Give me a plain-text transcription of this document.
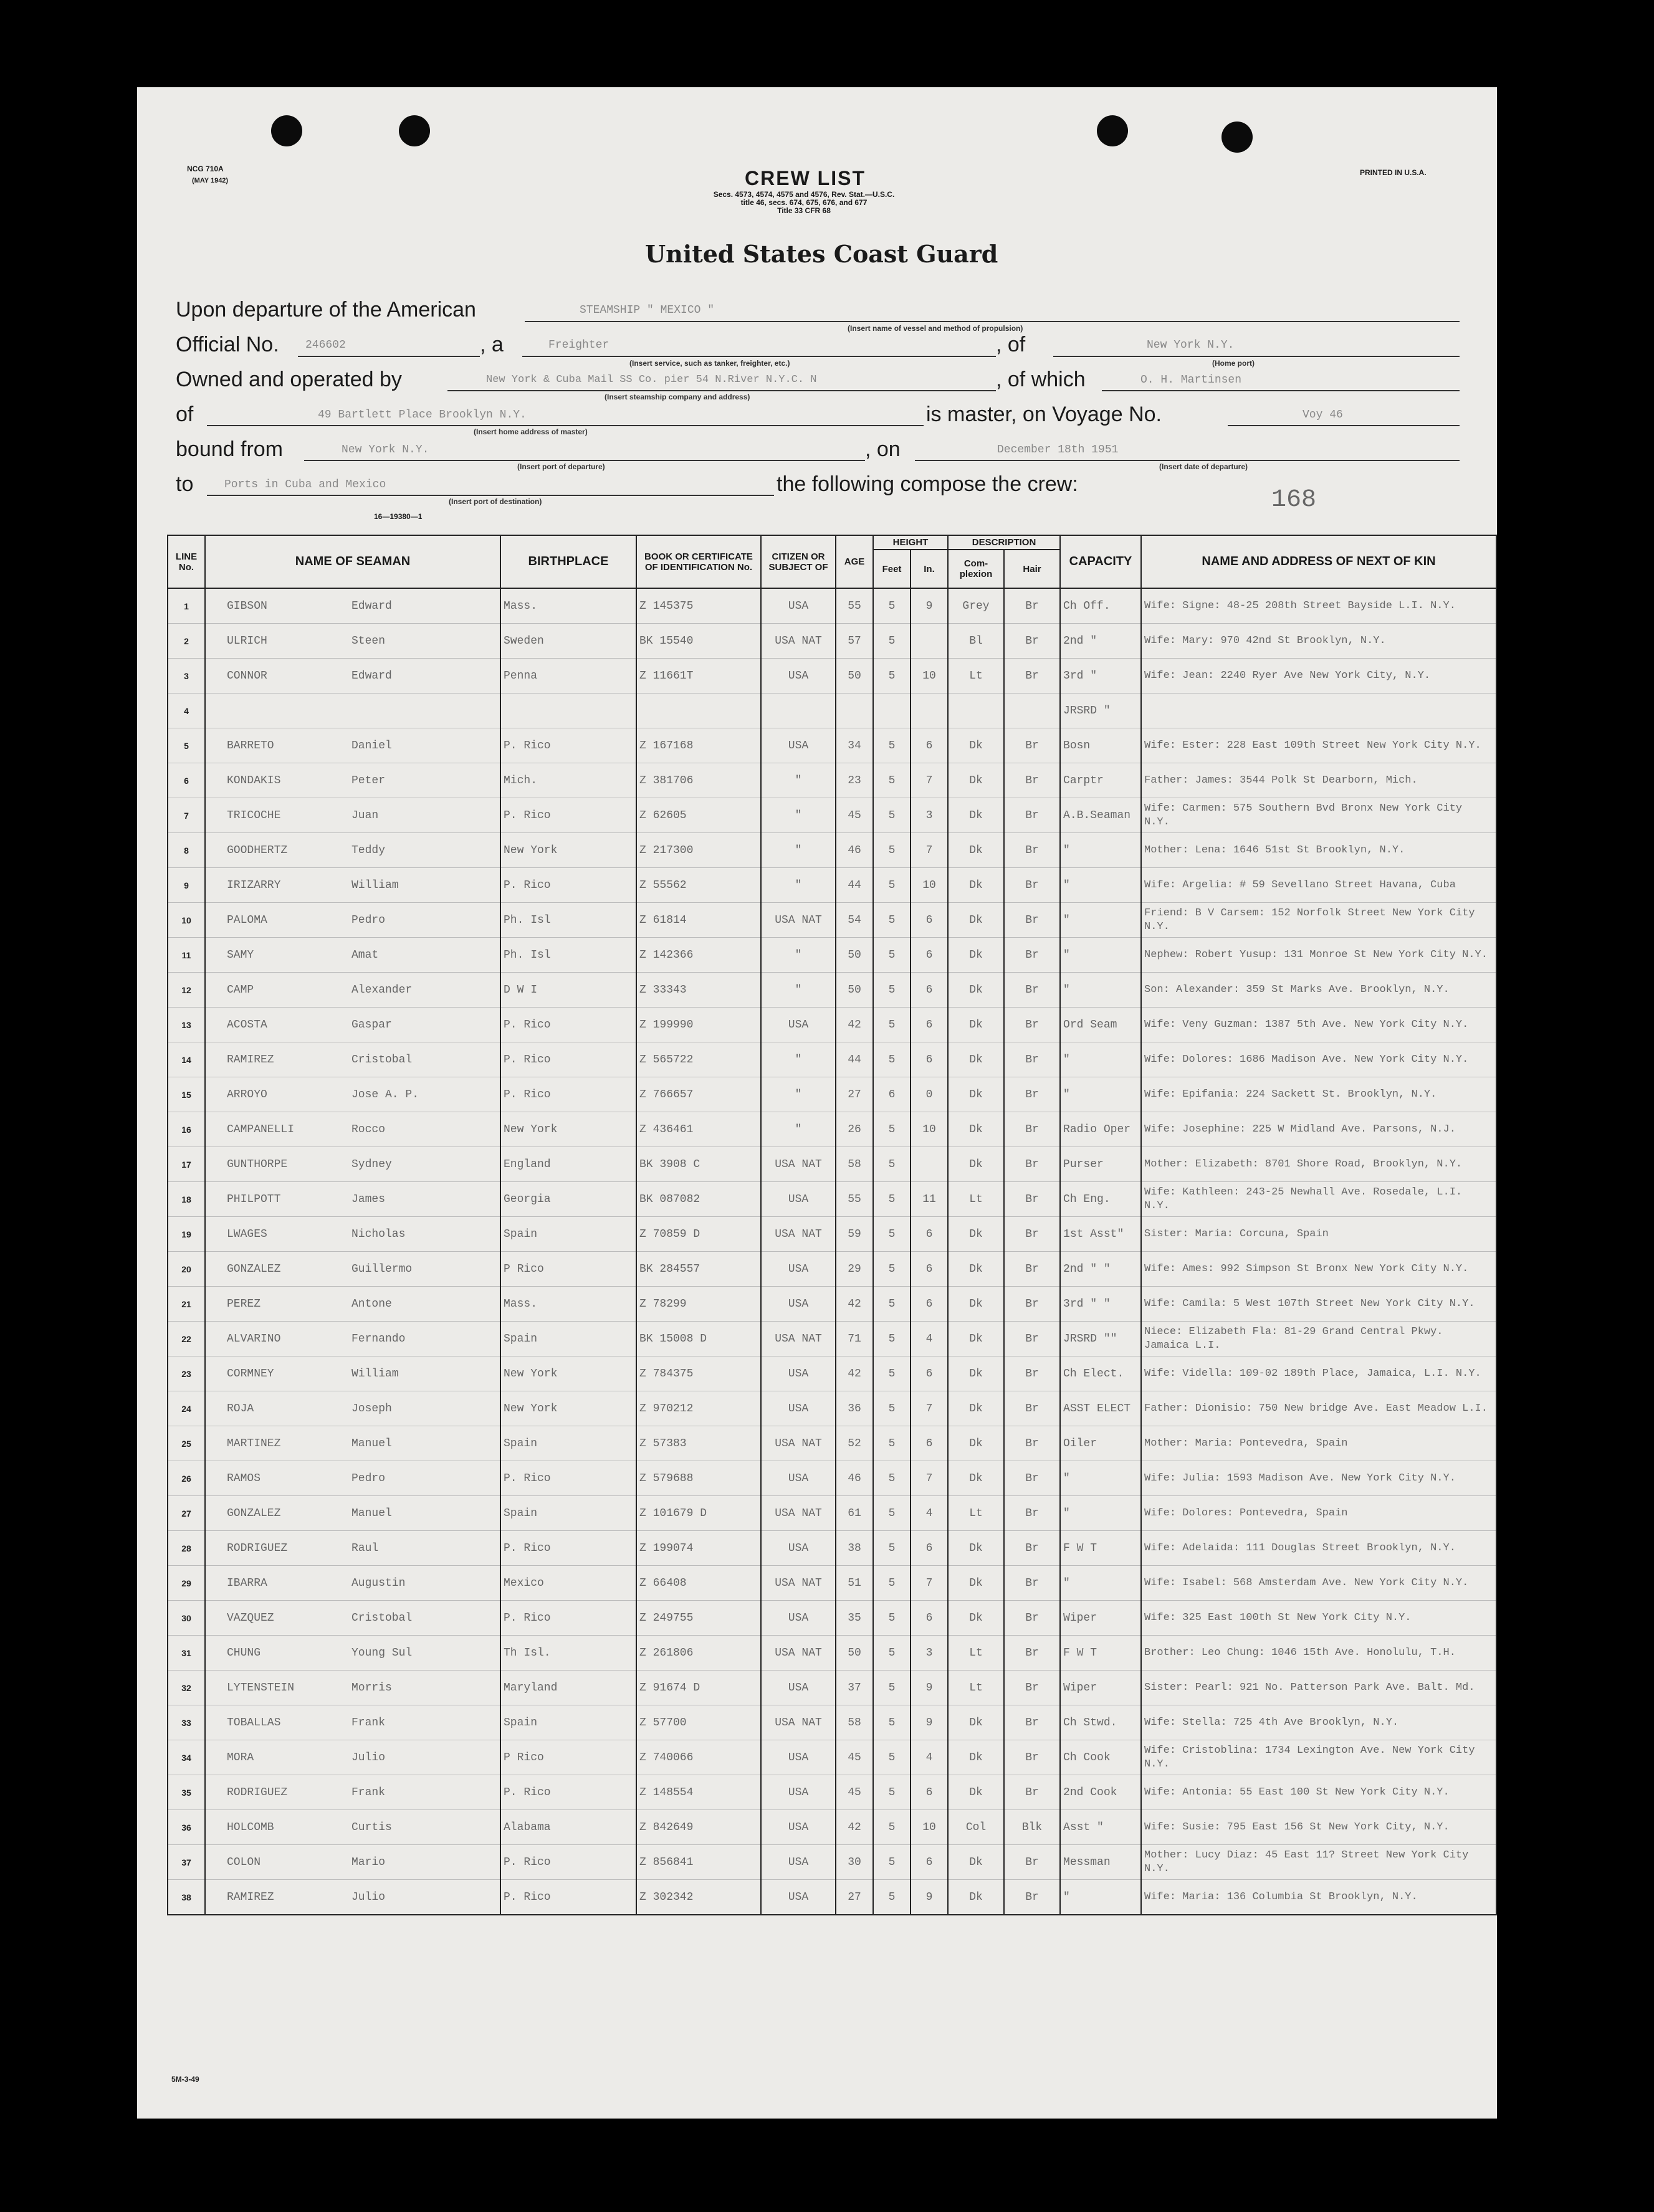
NCG 710A
(MAY 1942)
PRINTED IN U.S.A.
CREW LIST
Secs. 4573, 4574, 4575 and 4576, Rev. Stat.—U.S.C.
title 46, secs. 674, 675, 676, and 677
Title 33 CFR 68
United States Coast Guard
Upon departure of the American	STEAMSHIP " MEXICO "
(Insert name of vessel and method of propulsion)
Official No. 246602	, a	Freighter
(Insert service, such as tanker, freighter, etc.)
, of	New York N.Y.
(Home port)
Owned and operated by	New York & Cuba Mail SS Co. pier 54 N.River N.Y.C. N
(Insert steamship company and address)
, of which	O. H. Martinsen
of	49 Bartlett Place Brooklyn N.Y.
(Insert home address of master)
is master, on Voyage No.	Voy 46
bound from	New York N.Y.
(Insert port of departure)
, on	December 18th 1951
(Insert date of departure)
to	Ports in Cuba and Mexico
(Insert port of destination)
the following compose the crew:
168
16—19380—1
LINE No.	NAME OF SEAMAN	BIRTHPLACE	BOOK OR CERTIFICATE OF IDENTIFICATION No.	CITIZEN OR SUBJECT OF	AGE	HEIGHT		DESCRIPTION		CAPACITY	NAME AND ADDRESS OF NEXT OF KIN
						Feet	In.	Com-plexion	Hair		
1	GIBSON Edward	Mass.	Z 145375	USA	55	5	9	Grey	Br	Ch Off.	Wife: Signe: 48-25 208th Street Bayside L.I. N.Y.
2	ULRICH Steen	Sweden	BK 15540	USA NAT	57	5		Bl	Br	2nd "	Wife: Mary: 970 42nd St Brooklyn, N.Y.
3	CONNOR Edward	Penna	Z 11661T	USA	50	5	10	Lt	Br	3rd "	Wife: Jean: 2240 Ryer Ave New York City, N.Y.
4										JRSRD "	
5	BARRETO Daniel	P. Rico	Z 167168	USA	34	5	6	Dk	Br	Bosn	Wife: Ester: 228 East 109th Street New York City N.Y.
6	KONDAKIS Peter	Mich.	Z 381706	"	23	5	7	Dk	Br	Carptr	Father: James: 3544 Polk St Dearborn, Mich.
7	TRICOCHE Juan	P. Rico	Z 62605	"	45	5	3	Dk	Br	A.B.Seaman	Wife: Carmen: 575 Southern Bvd Bronx New York City N.Y.
8	GOODHERTZ Teddy	New York	Z 217300	"	46	5	7	Dk	Br	"	Mother: Lena: 1646 51st St Brooklyn, N.Y.
9	IRIZARRY William	P. Rico	Z 55562	"	44	5	10	Dk	Br	"	Wife: Argelia: # 59 Sevellano Street Havana, Cuba
10	PALOMA Pedro	Ph. Isl	Z 61814	USA NAT	54	5	6	Dk	Br	"	Friend: B V Carsem: 152 Norfolk Street New York City N.Y.
11	SAMY Amat	Ph. Isl	Z 142366	"	50	5	6	Dk	Br	"	Nephew: Robert Yusup: 131 Monroe St New York City N.Y.
12	CAMP Alexander	D W I	Z 33343	"	50	5	6	Dk	Br	"	Son: Alexander: 359 St Marks Ave. Brooklyn, N.Y.
13	ACOSTA Gaspar	P. Rico	Z 199990	USA	42	5	6	Dk	Br	Ord Seam	Wife: Veny Guzman: 1387 5th Ave. New York City N.Y.
14	RAMIREZ Cristobal	P. Rico	Z 565722	"	44	5	6	Dk	Br	"	Wife: Dolores: 1686 Madison Ave. New York City N.Y.
15	ARROYO Jose A. P.	P. Rico	Z 766657	"	27	6	0	Dk	Br	"	Wife: Epifania: 224 Sackett St. Brooklyn, N.Y.
16	CAMPANELLI Rocco	New York	Z 436461	"	26	5	10	Dk	Br	Radio Oper	Wife: Josephine: 225 W Midland Ave. Parsons, N.J.
17	GUNTHORPE Sydney	England	BK 3908 C	USA NAT	58	5		Dk	Br	Purser	Mother: Elizabeth: 8701 Shore Road, Brooklyn, N.Y.
18	PHILPOTT James	Georgia	BK 087082	USA	55	5	11	Lt	Br	Ch Eng.	Wife: Kathleen: 243-25 Newhall Ave. Rosedale, L.I. N.Y.
19	LWAGES Nicholas	Spain	Z 70859 D	USA NAT	59	5	6	Dk	Br	1st Asst"	Sister: Maria: Corcuna, Spain
20	GONZALEZ Guillermo	P Rico	BK 284557	USA	29	5	6	Dk	Br	2nd " "	Wife: Ames: 992 Simpson St Bronx New York City N.Y.
21	PEREZ Antone	Mass.	Z 78299	USA	42	5	6	Dk	Br	3rd " "	Wife: Camila: 5 West 107th Street New York City N.Y.
22	ALVARINO Fernando	Spain	BK 15008 D	USA NAT	71	5	4	Dk	Br	JRSRD ""	Niece: Elizabeth Fla: 81-29 Grand Central Pkwy. Jamaica L.I.
23	CORMNEY William	New York	Z 784375	USA	42	5	6	Dk	Br	Ch Elect.	Wife: Vidella: 109-02 189th Place, Jamaica, L.I. N.Y.
24	ROJA Joseph	New York	Z 970212	USA	36	5	7	Dk	Br	ASST ELECT	Father: Dionisio: 750 New bridge Ave. East Meadow L.I.
25	MARTINEZ Manuel	Spain	Z 57383	USA NAT	52	5	6	Dk	Br	Oiler	Mother: Maria: Pontevedra, Spain
26	RAMOS Pedro	P. Rico	Z 579688	USA	46	5	7	Dk	Br	"	Wife: Julia: 1593 Madison Ave. New York City N.Y.
27	GONZALEZ Manuel	Spain	Z 101679 D	USA NAT	61	5	4	Lt	Br	"	Wife: Dolores: Pontevedra, Spain
28	RODRIGUEZ Raul	P. Rico	Z 199074	USA	38	5	6	Dk	Br	F W T	Wife: Adelaida: 111 Douglas Street Brooklyn, N.Y.
29	IBARRA Augustin	Mexico	Z 66408	USA NAT	51	5	7	Dk	Br	"	Wife: Isabel: 568 Amsterdam Ave. New York City N.Y.
30	VAZQUEZ Cristobal	P. Rico	Z 249755	USA	35	5	6	Dk	Br	Wiper	Wife: 325 East 100th St New York City N.Y.
31	CHUNG Young Sul	Th Isl.	Z 261806	USA NAT	50	5	3	Lt	Br	F W T	Brother: Leo Chung: 1046 15th Ave. Honolulu, T.H.
32	LYTENSTEIN Morris	Maryland	Z 91674 D	USA	37	5	9	Lt	Br	Wiper	Sister: Pearl: 921 No. Patterson Park Ave. Balt. Md.
33	TOBALLAS Frank	Spain	Z 57700	USA NAT	58	5	9	Dk	Br	Ch Stwd.	Wife: Stella: 725 4th Ave Brooklyn, N.Y.
34	MORA Julio	P Rico	Z 740066	USA	45	5	4	Dk	Br	Ch Cook	Wife: Cristoblina: 1734 Lexington Ave. New York City N.Y.
35	RODRIGUEZ Frank	P. Rico	Z 148554	USA	45	5	6	Dk	Br	2nd Cook	Wife: Antonia: 55 East 100 St New York City N.Y.
36	HOLCOMB Curtis	Alabama	Z 842649	USA	42	5	10	Col	Blk	Asst "	Wife: Susie: 795 East 156 St New York City, N.Y.
37	COLON Mario	P. Rico	Z 856841	USA	30	5	6	Dk	Br	Messman	Mother: Lucy Diaz: 45 East 11? Street New York City N.Y.
38	RAMIREZ Julio	P. Rico	Z 302342	USA	27	5	9	Dk	Br	"	Wife: Maria: 136 Columbia St Brooklyn, N.Y.
5M-3-49
